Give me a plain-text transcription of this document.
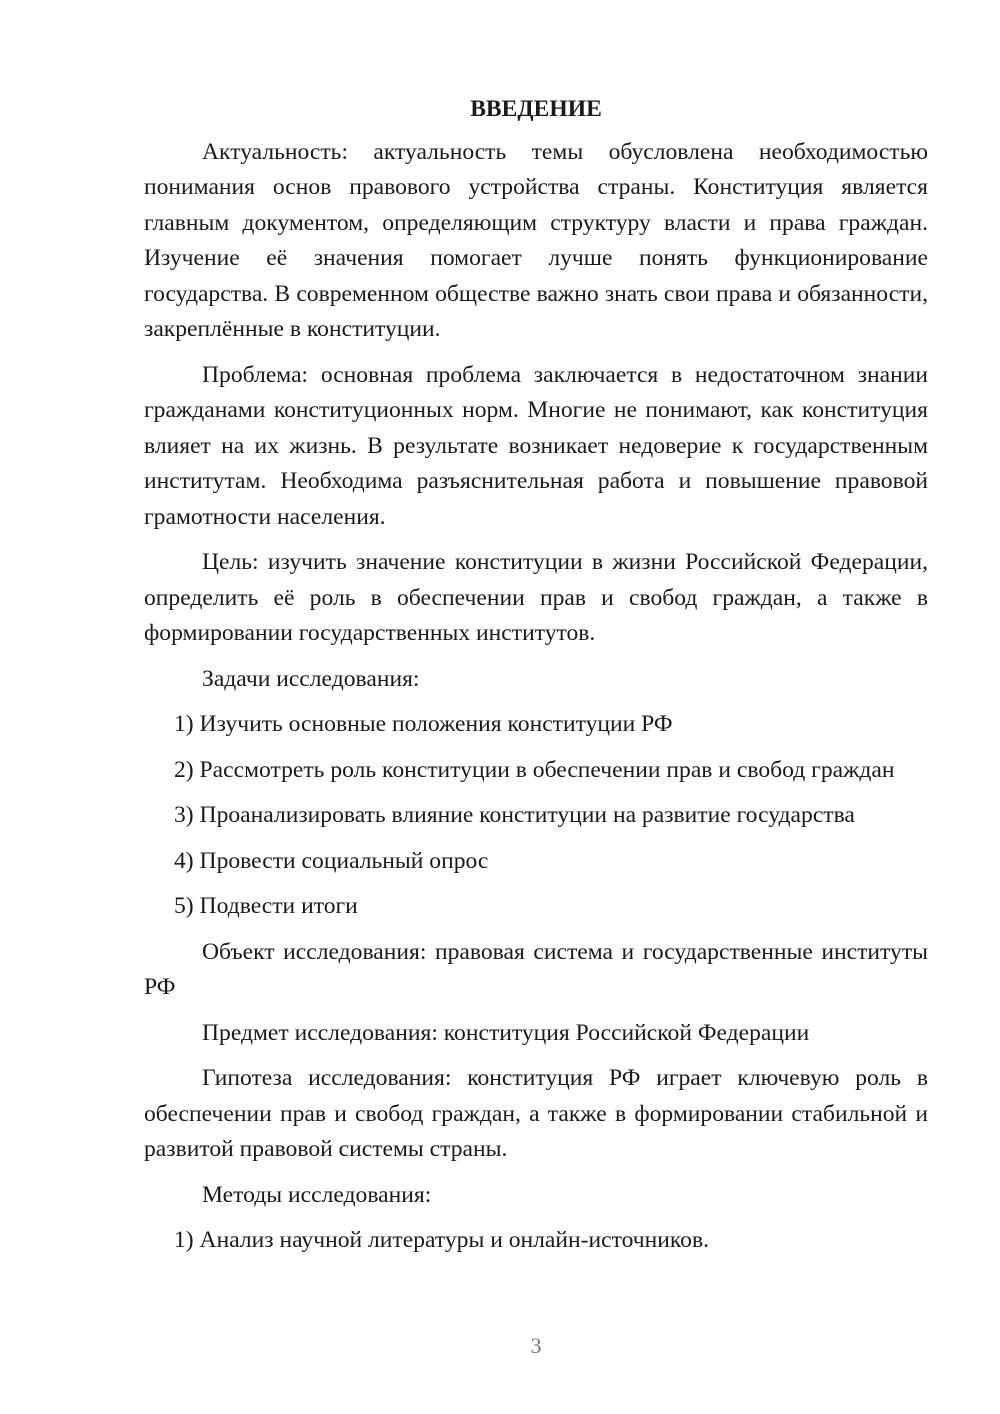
ВВЕДЕНИЕ
Актуальность: актуальность темы обусловлена необходимостью понимания основ правового устройства страны. Конституция является главным документом, определяющим структуру власти и права граждан. Изучение её значения помогает лучше понять функционирование государства. В современном обществе важно знать свои права и обязанности, закреплённые в конституции.
Проблема: основная проблема заключается в недостаточном знании гражданами конституционных норм. Многие не понимают, как конституция влияет на их жизнь. В результате возникает недоверие к государственным институтам. Необходима разъяснительная работа и повышение правовой грамотности населения.
Цель: изучить значение конституции в жизни Российской Федерации, определить её роль в обеспечении прав и свобод граждан, а также в формировании государственных институтов.
Задачи исследования:
1) Изучить основные положения конституции РФ
2) Рассмотреть роль конституции в обеспечении прав и свобод граждан
3) Проанализировать влияние конституции на развитие государства
4) Провести социальный опрос
5) Подвести итоги
Объект исследования: правовая система и государственные институты РФ
Предмет исследования: конституция Российской Федерации
Гипотеза исследования: конституция РФ играет ключевую роль в обеспечении прав и свобод граждан, а также в формировании стабильной и развитой правовой системы страны.
Методы исследования:
1) Анализ научной литературы и онлайн-источников.
3
